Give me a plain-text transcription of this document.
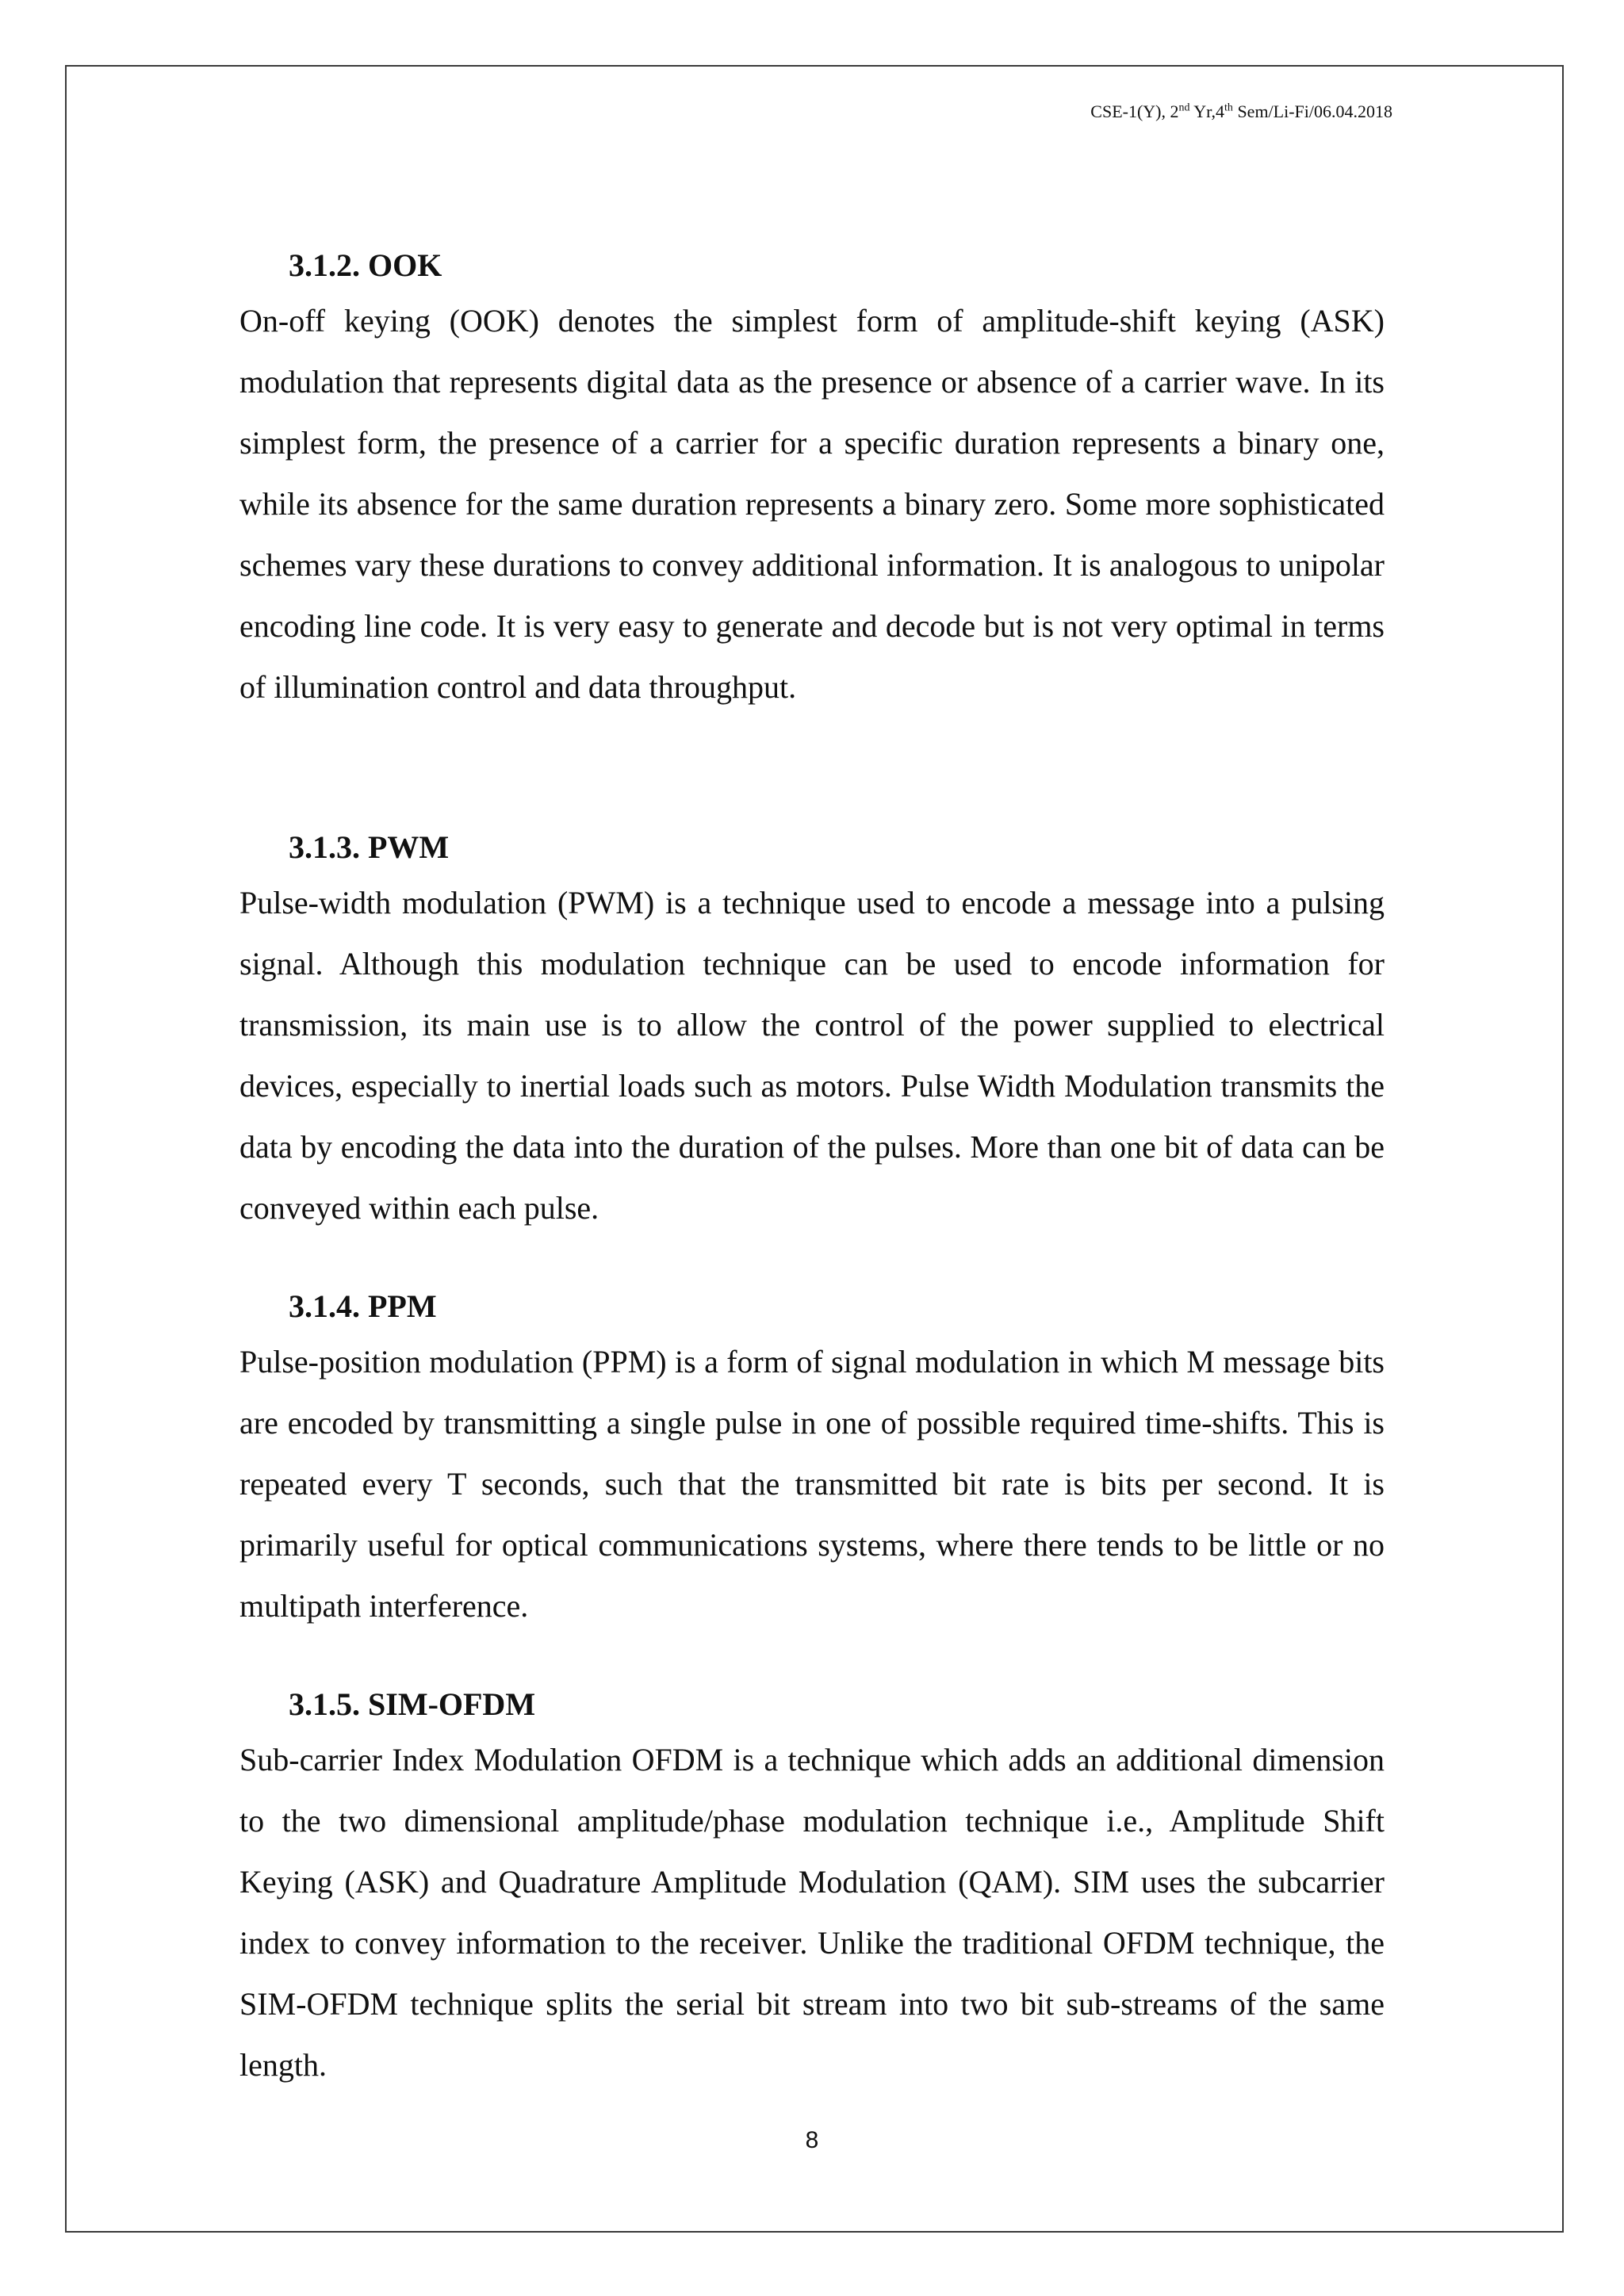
CSE-1(Y), 2nd Yr,4th Sem/Li-Fi/06.04.2018
3.1.2. OOK
On-off keying (OOK) denotes the simplest form of amplitude-shift keying (ASK) modulation that represents digital data as the presence or absence of a carrier wave. In its simplest form, the presence of a carrier for a specific duration represents a binary one, while its absence for the same duration represents a binary zero. Some more sophisticated schemes vary these durations to convey additional information. It is analogous to unipolar encoding line code. It is very easy to generate and decode but is not very optimal in terms of illumination control and data throughput.
3.1.3. PWM
Pulse-width modulation (PWM) is a technique used to encode a message into a pulsing signal. Although this modulation technique can be used to encode information for transmission, its main use is to allow the control of the power supplied to electrical devices, especially to inertial loads such as motors. Pulse Width Modulation transmits the data by encoding the data into the duration of the pulses. More than one bit of data can be conveyed within each pulse.
3.1.4. PPM
Pulse-position modulation (PPM) is a form of signal modulation in which M message bits are encoded by transmitting a single pulse in one of possible required time-shifts. This is repeated every T seconds, such that the transmitted bit rate is bits per second. It is primarily useful for optical communications systems, where there tends to be little or no multipath interference.
3.1.5. SIM-OFDM
Sub-carrier Index Modulation OFDM is a technique which adds an additional dimension to the two dimensional amplitude/phase modulation technique i.e., Amplitude Shift Keying (ASK) and Quadrature Amplitude Modulation (QAM). SIM uses the subcarrier index to convey information to the receiver. Unlike the traditional OFDM technique, the SIM-OFDM technique splits the serial bit stream into two bit sub-streams of the same length.
8
